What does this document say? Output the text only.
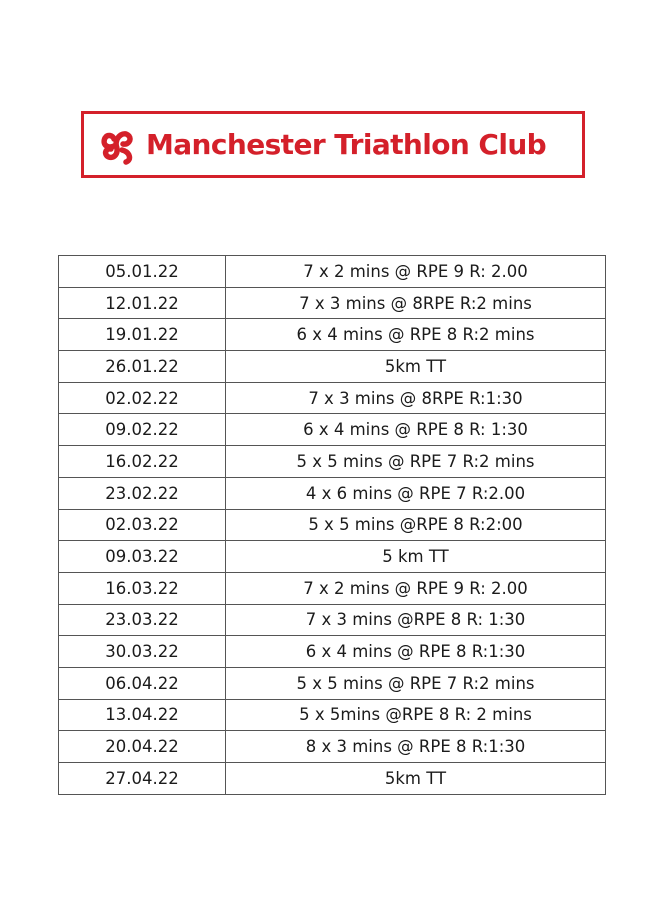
Manchester Triathlon Club
05.01.22	7 x 2 mins @ RPE 9 R: 2.00
12.01.22	7 x 3 mins @ 8RPE R:2 mins
19.01.22	6 x 4 mins @ RPE 8 R:2 mins
26.01.22	5km TT
02.02.22	7 x 3 mins @ 8RPE R:1:30
09.02.22	6 x 4 mins @ RPE 8 R: 1:30
16.02.22	5 x 5 mins @ RPE 7 R:2 mins
23.02.22	4 x 6 mins @ RPE 7 R:2.00
02.03.22	5 x 5 mins @RPE 8 R:2:00
09.03.22	5 km TT
16.03.22	7 x 2 mins @ RPE 9 R: 2.00
23.03.22	7 x 3 mins @RPE 8 R: 1:30
30.03.22	6 x 4 mins @ RPE 8 R:1:30
06.04.22	5 x 5 mins @ RPE 7 R:2 mins
13.04.22	5 x 5mins @RPE 8 R: 2 mins
20.04.22	8 x 3 mins @ RPE 8 R:1:30
27.04.22	5km TT
